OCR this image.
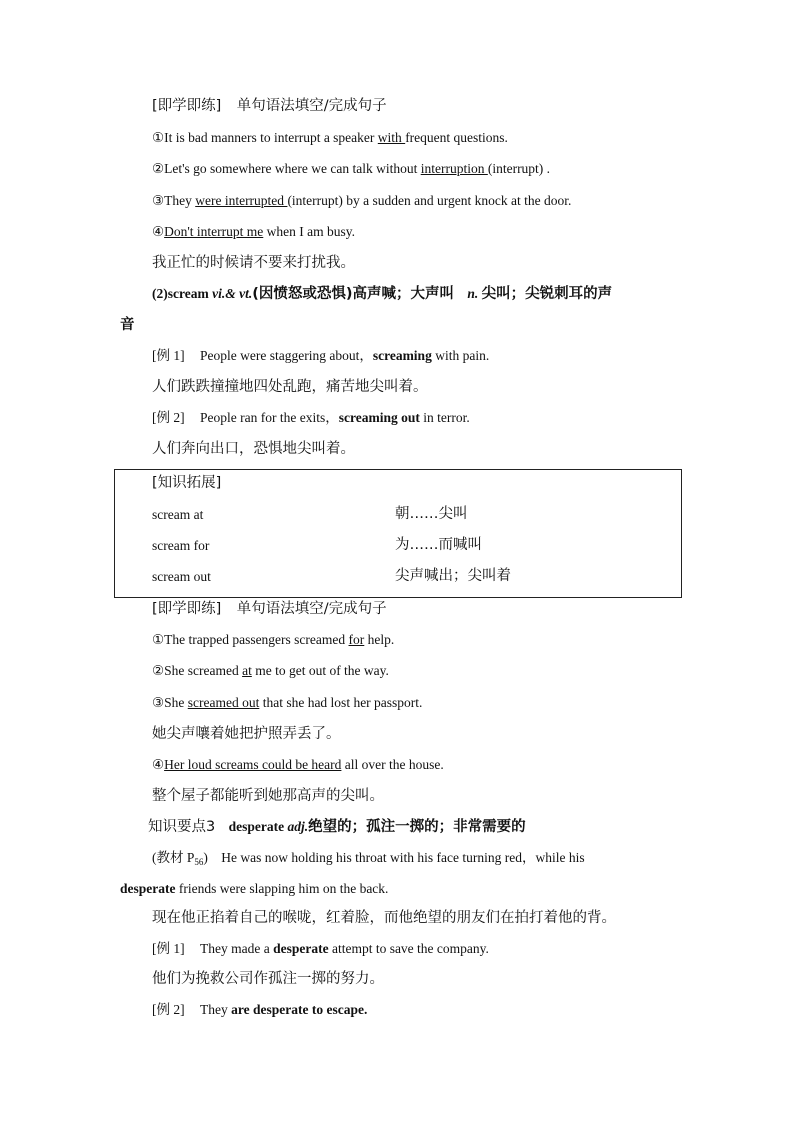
[即学即练] 单句语法填空/完成句子
①It is bad manners to interrupt a speaker with frequent questions.
②Let's go somewhere where we can talk without interruption (interrupt) .
③They were interrupted (interrupt) by a sudden and urgent knock at the door.
④Don't interrupt me when I am busy.
我正忙的时候请不要来打扰我。
(2)scream vi.& vt.(因愤怒或恐惧)高声喊；大声叫 n. 尖叫；尖锐刺耳的声
音
[例 1] People were staggering about，screaming with pain.
人们跌跌撞撞地四处乱跑，痛苦地尖叫着。
[例 2] People ran for the exits，screaming out in terror.
人们奔向出口，恐惧地尖叫着。
[知识拓展]
scream at	朝……尖叫
scream for	为……而喊叫
scream out	尖声喊出；尖叫着
[即学即练] 单句语法填空/完成句子
①The trapped passengers screamed for help.
②She screamed at me to get out of the way.
③She screamed out that she had lost her passport.
她尖声嚷着她把护照弄丢了。
④Her loud screams could be heard all over the house.
整个屋子都能听到她那高声的尖叫。
知识要点3 desperate adj.绝望的；孤注一掷的；非常需要的
(教材 $P_{56}$) He was now holding his throat with his face turning red，while his
desperate friends were slapping him on the back.
现在他正掐着自己的喉咙，红着脸，而他绝望的朋友们在拍打着他的背。
[例 1] They made a desperate attempt to save the company.
他们为挽救公司作孤注一掷的努力。
[例 2] They are desperate to escape.
